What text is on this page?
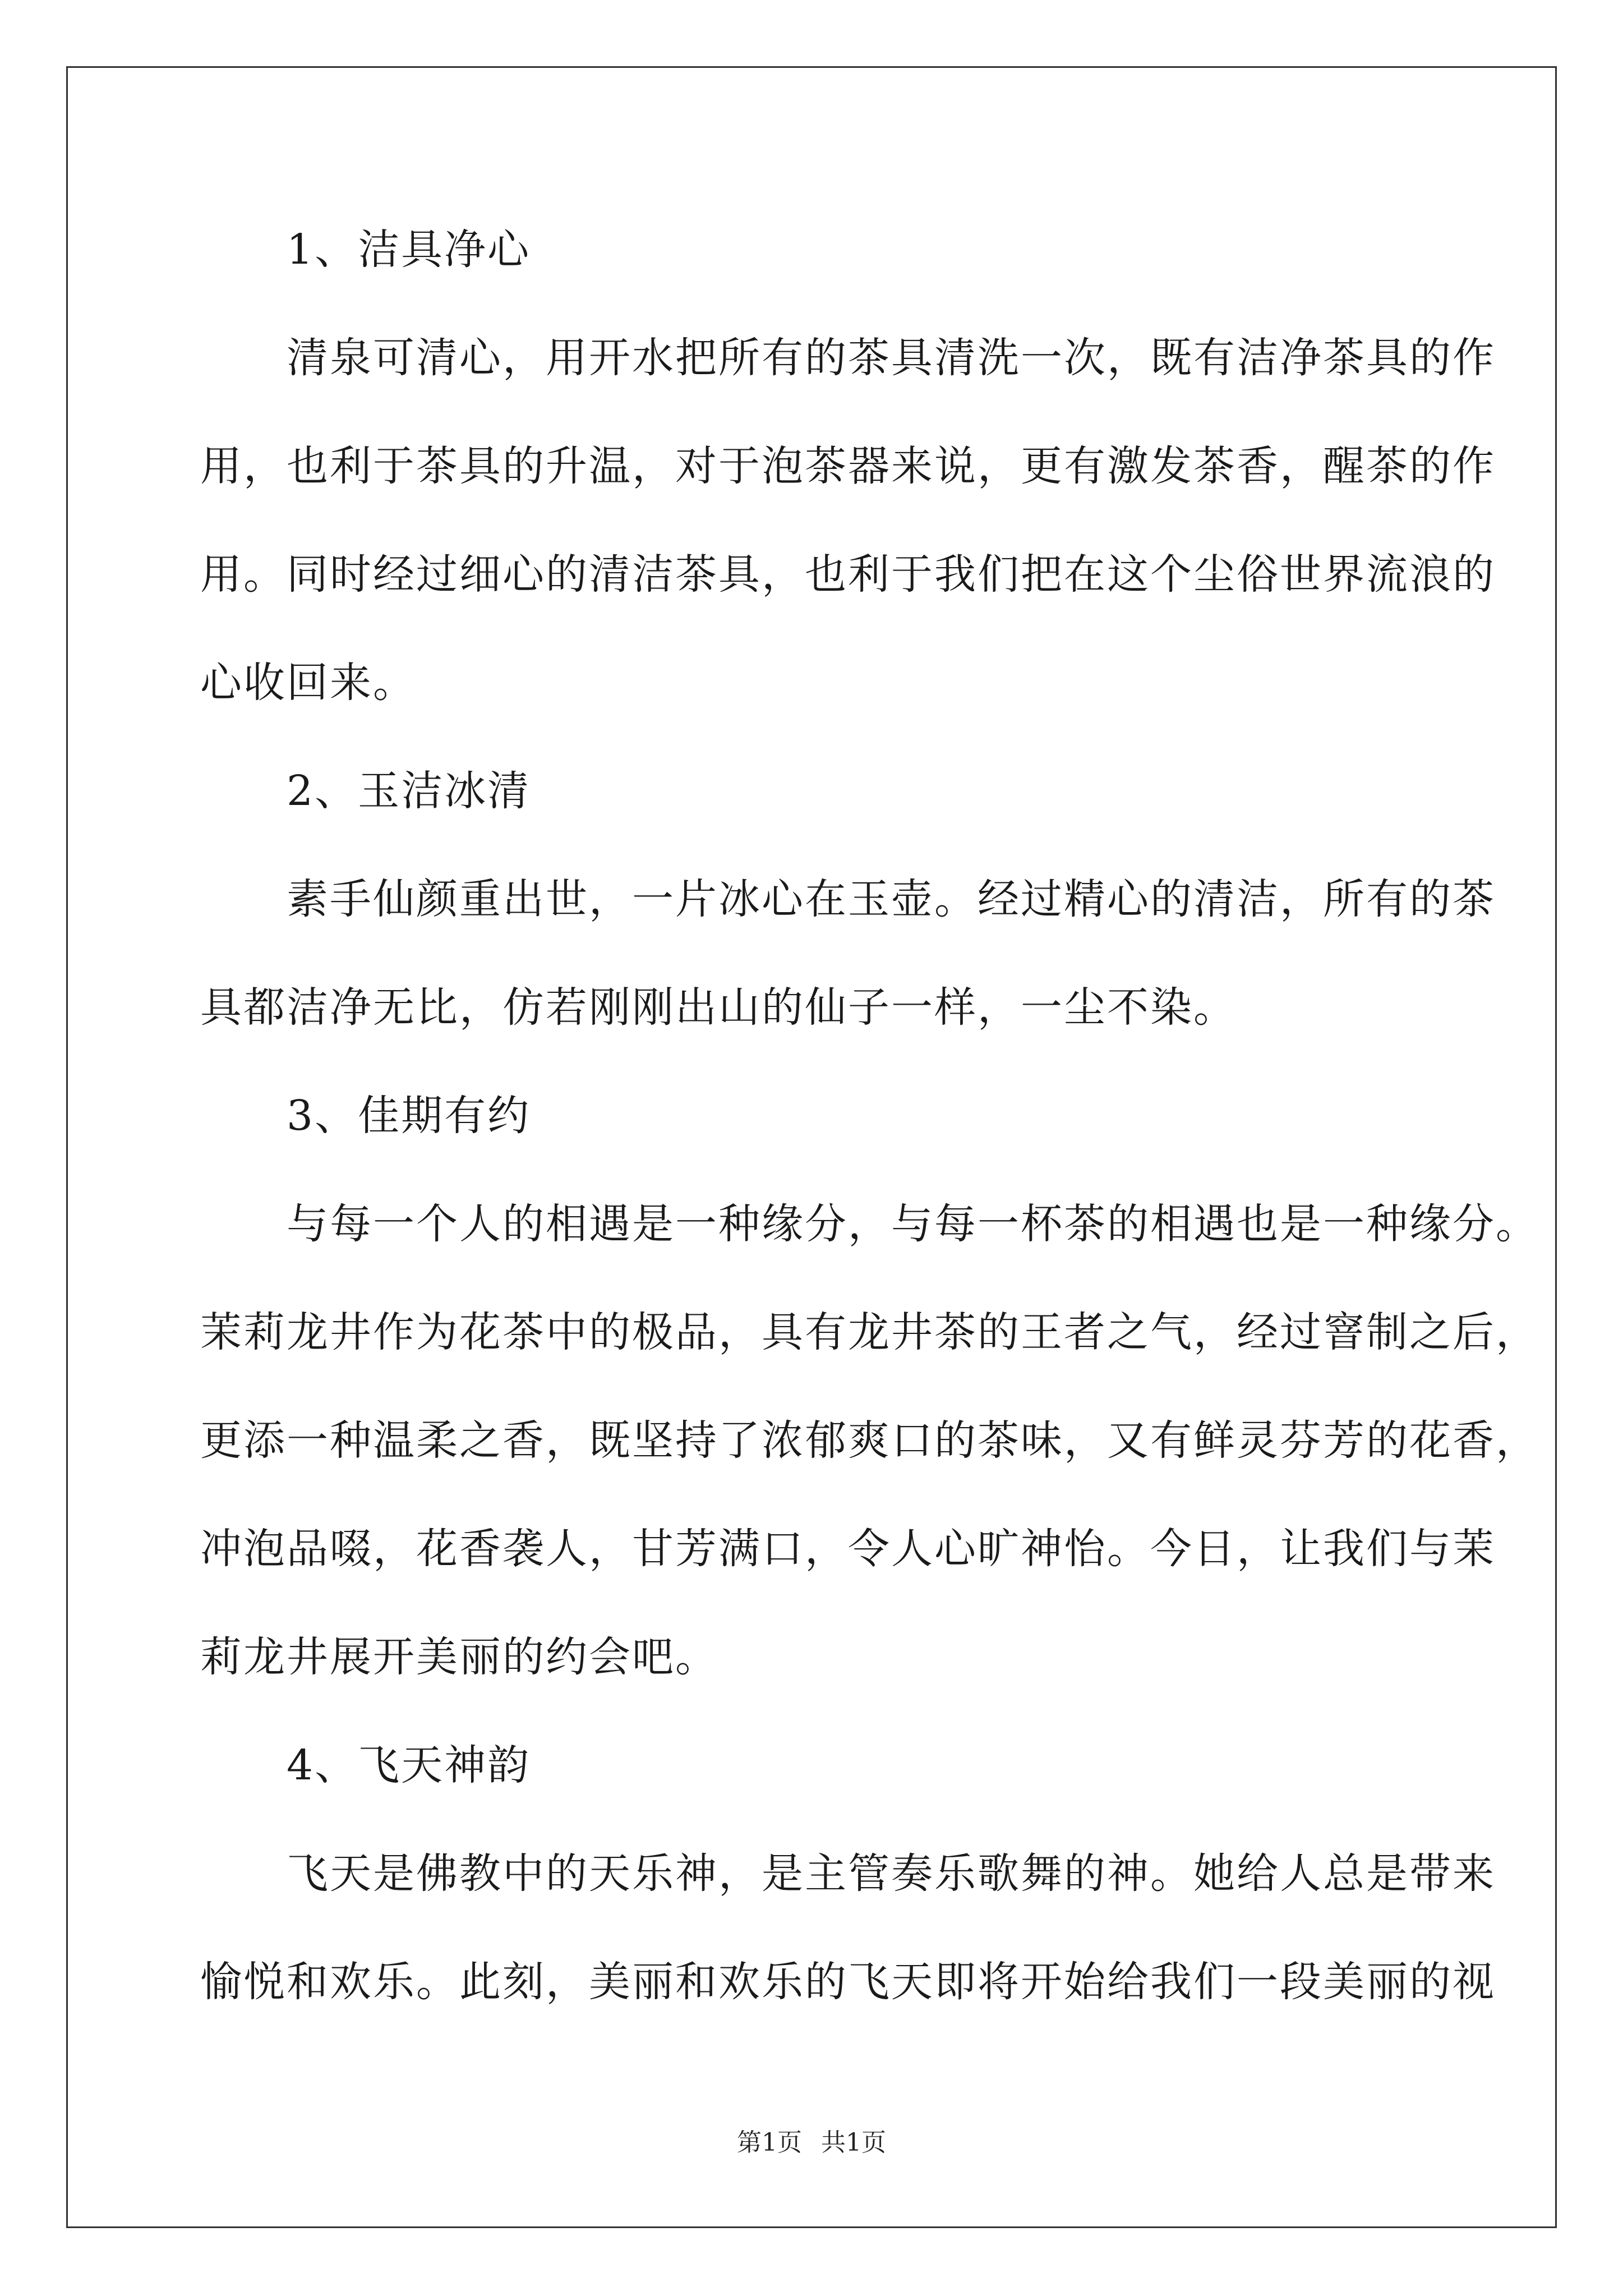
　　1、洁具净心
　　清泉可清心，用开水把所有的茶具清洗一次，既有洁净茶具的作
用，也利于茶具的升温，对于泡茶器来说，更有激发茶香，醒茶的作
用。同时经过细心的清洁茶具，也利于我们把在这个尘俗世界流浪的
心收回来。
　　2、玉洁冰清
　　素手仙颜重出世，一片冰心在玉壶。经过精心的清洁，所有的茶
具都洁净无比，仿若刚刚出山的仙子一样，一尘不染。
　　3、佳期有约
　　与每一个人的相遇是一种缘分，与每一杯茶的相遇也是一种缘分。
茉莉龙井作为花茶中的极品，具有龙井茶的王者之气，经过窨制之后，
更添一种温柔之香，既坚持了浓郁爽口的茶味，又有鲜灵芬芳的花香，
冲泡品啜，花香袭人，甘芳满口，令人心旷神怡。今日，让我们与茉
莉龙井展开美丽的约会吧。
　　4、飞天神韵
　　飞天是佛教中的天乐神，是主管奏乐歌舞的神。她给人总是带来
愉悦和欢乐。此刻，美丽和欢乐的飞天即将开始给我们一段美丽的视
第1页 共1页
